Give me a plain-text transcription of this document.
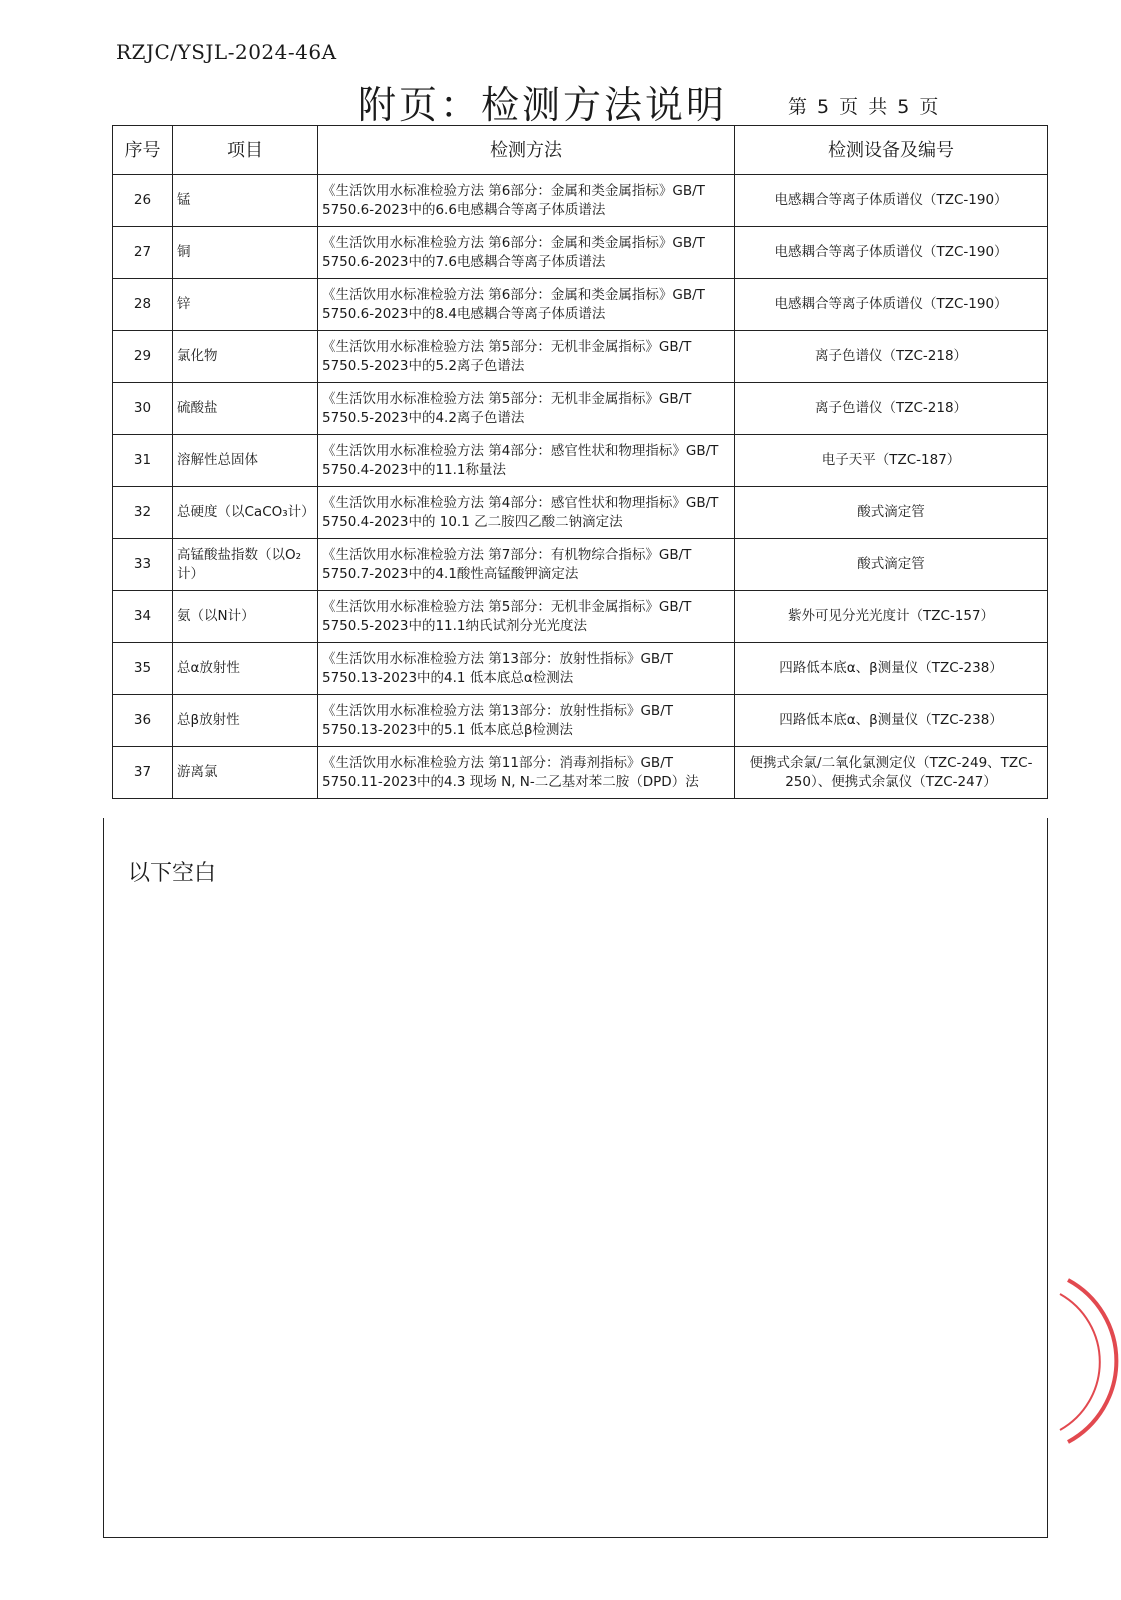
RZJC/YSJL-2024-46A
附页：检测方法说明	第 5 页 共 5 页
序号	项目	检测方法	检测设备及编号
26	锰	《生活饮用水标准检验方法 第6部分：金属和类金属指标》GB/T 5750.6-2023中的6.6电感耦合等离子体质谱法	电感耦合等离子体质谱仪（TZC-190）
27	铜	《生活饮用水标准检验方法 第6部分：金属和类金属指标》GB/T 5750.6-2023中的7.6电感耦合等离子体质谱法	电感耦合等离子体质谱仪（TZC-190）
28	锌	《生活饮用水标准检验方法 第6部分：金属和类金属指标》GB/T 5750.6-2023中的8.4电感耦合等离子体质谱法	电感耦合等离子体质谱仪（TZC-190）
29	氯化物	《生活饮用水标准检验方法 第5部分：无机非金属指标》GB/T 5750.5-2023中的5.2离子色谱法	离子色谱仪（TZC-218）
30	硫酸盐	《生活饮用水标准检验方法 第5部分：无机非金属指标》GB/T 5750.5-2023中的4.2离子色谱法	离子色谱仪（TZC-218）
31	溶解性总固体	《生活饮用水标准检验方法 第4部分：感官性状和物理指标》GB/T 5750.4-2023中的11.1称量法	电子天平（TZC-187）
32	总硬度（以CaCO₃计）	《生活饮用水标准检验方法 第4部分：感官性状和物理指标》GB/T 5750.4-2023中的 10.1 乙二胺四乙酸二钠滴定法	酸式滴定管
33	高锰酸盐指数（以O₂计）	《生活饮用水标准检验方法 第7部分：有机物综合指标》GB/T 5750.7-2023中的4.1酸性高锰酸钾滴定法	酸式滴定管
34	氨（以N计）	《生活饮用水标准检验方法 第5部分：无机非金属指标》GB/T 5750.5-2023中的11.1纳氏试剂分光光度法	紫外可见分光光度计（TZC-157）
35	总α放射性	《生活饮用水标准检验方法 第13部分：放射性指标》GB/T 5750.13-2023中的4.1 低本底总α检测法	四路低本底α、β测量仪（TZC-238）
36	总β放射性	《生活饮用水标准检验方法 第13部分：放射性指标》GB/T 5750.13-2023中的5.1 低本底总β检测法	四路低本底α、β测量仪（TZC-238）
37	游离氯	《生活饮用水标准检验方法 第11部分：消毒剂指标》GB/T 5750.11-2023中的4.3 现场 N, N-二乙基对苯二胺（DPD）法	便携式余氯/二氧化氯测定仪（TZC-249、TZC-250）、便携式余氯仪（TZC-247）
以下空白
